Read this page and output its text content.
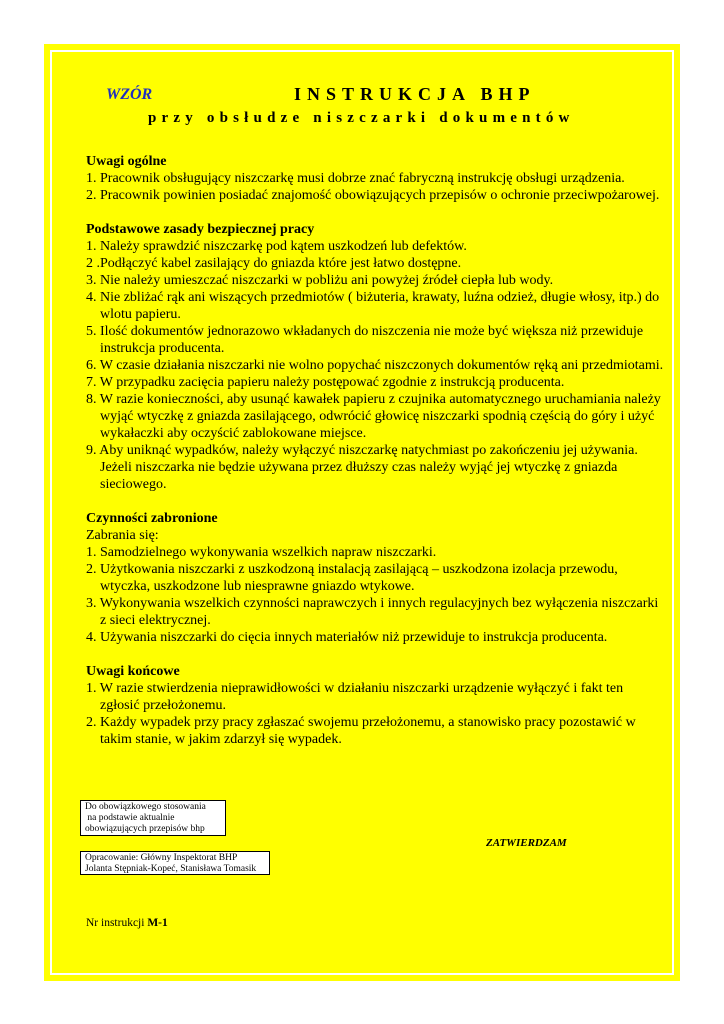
WZÓR	INSTRUKCJA BHP
przy obsłudze niszczarki dokumentów
Uwagi ogólne
1. Pracownik obsługujący niszczarkę musi dobrze znać fabryczną instrukcję obsługi urządzenia.
2. Pracownik powinien posiadać znajomość obowiązujących przepisów o ochronie przeciwpożarowej.
Podstawowe zasady bezpiecznej pracy
1. Należy sprawdzić niszczarkę pod kątem uszkodzeń lub defektów.
2 .Podłączyć kabel zasilający do gniazda które jest łatwo dostępne.
3. Nie należy umieszczać niszczarki w pobliżu ani powyżej źródeł ciepła lub wody.
4. Nie zbliżać rąk ani wiszących przedmiotów ( biżuteria, krawaty, luźna odzież, długie włosy, itp.) do wlotu papieru.
5. Ilość dokumentów jednorazowo wkładanych do niszczenia nie może być większa niż przewiduje instrukcja producenta.
6. W czasie działania niszczarki nie wolno popychać niszczonych dokumentów ręką ani przedmiotami.
7. W przypadku zacięcia papieru należy postępować zgodnie z instrukcją producenta.
8. W razie konieczności, aby usunąć kawałek papieru z czujnika automatycznego uruchamiania należy wyjąć wtyczkę z gniazda zasilającego, odwrócić głowicę niszczarki spodnią częścią do góry i użyć wykałaczki aby oczyścić zablokowane miejsce.
9. Aby uniknąć wypadków, należy wyłączyć niszczarkę natychmiast po zakończeniu jej używania. Jeżeli niszczarka nie będzie używana przez dłuższy czas należy wyjąć jej wtyczkę z gniazda sieciowego.
Czynności zabronione

Zabrania się:

1. Samodzielnego wykonywania wszelkich napraw niszczarki.
2. Użytkowania niszczarki z uszkodzoną instalacją zasilającą – uszkodzona izolacja przewodu, wtyczka, uszkodzone lub niesprawne gniazdo wtykowe.
3. Wykonywania wszelkich czynności naprawczych i innych regulacyjnych bez wyłączenia niszczarki z sieci elektrycznej.
4. Używania niszczarki do cięcia innych materiałów niż przewiduje to instrukcja producenta.
Uwagi końcowe
1. W razie stwierdzenia nieprawidłowości w działaniu niszczarki urządzenie wyłączyć i fakt ten zgłosić przełożonemu.
2. Każdy wypadek przy pracy zgłaszać swojemu przełożonemu, a stanowisko pracy pozostawić w takim stanie, w jakim zdarzył się wypadek.
Do obowiązkowego stosowania
na podstawie aktualnie
obowiązujących przepisów bhp
Opracowanie: Główny Inspektorat BHP
Jolanta Stępniak-Kopeć, Stanisława Tomasik
ZATWIERDZAM
Nr instrukcji M-1
